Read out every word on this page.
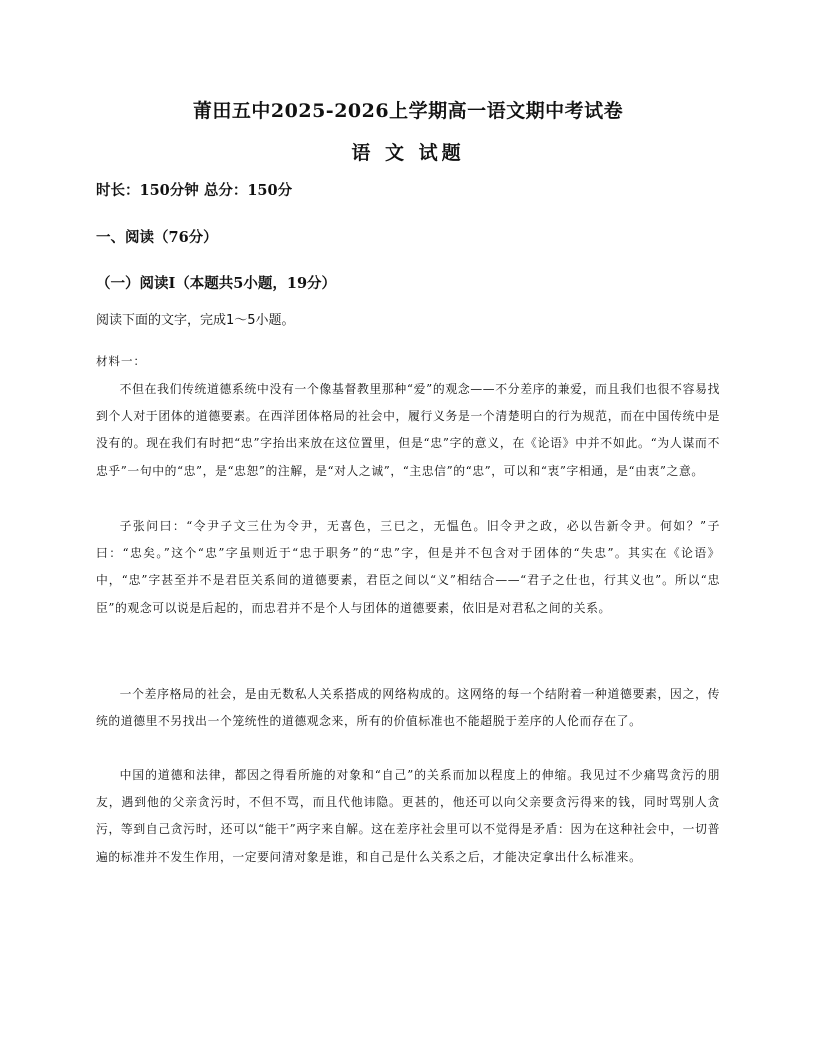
莆田五中2025-2026上学期高一语文期中考试卷
语 文 试题
时长：150分钟 总分：150分
一、阅读（76分）
（一）阅读Ⅰ（本题共5小题，19分）
阅读下面的文字，完成1～5小题。
材料一：

不但在我们传统道德系统中没有一个像基督教里那种“爱”的观念——不分差序的兼爱，而且我们也很不容易找到个人对于团体的道德要素。在西洋团体格局的社会中，履行义务是一个清楚明白的行为规范，而在中国传统中是没有的。现在我们有时把“忠”字抬出来放在这位置里，但是“忠”字的意义，在《论语》中并不如此。“为人谋而不忠乎”一句中的“忠”，是“忠恕”的注解，是“对人之诚”，“主忠信”的“忠”，可以和“衷”字相通，是“由衷”之意。

子张问曰：“令尹子文三仕为令尹，无喜色，三已之，无愠色。旧令尹之政，必以告新令尹。何如？”子曰：“忠矣。”这个“忠”字虽则近于“忠于职务”的“忠”字，但是并不包含对于团体的“失忠”。其实在《论语》中，“忠”字甚至并不是君臣关系间的道德要素，君臣之间以“义”相结合——“君子之仕也，行其义也”。所以“忠臣”的观念可以说是后起的，而忠君并不是个人与团体的道德要素，依旧是对君私之间的关系。

一个差序格局的社会，是由无数私人关系搭成的网络构成的。这网络的每一个结附着一种道德要素，因之，传统的道德里不另找出一个笼统性的道德观念来，所有的价值标准也不能超脱于差序的人伦而存在了。

中国的道德和法律，都因之得看所施的对象和“自己”的关系而加以程度上的伸缩。我见过不少痛骂贪污的朋友，遇到他的父亲贪污时，不但不骂，而且代他讳隐。更甚的，他还可以向父亲要贪污得来的钱，同时骂别人贪污，等到自己贪污时，还可以“能干”两字来自解。这在差序社会里可以不觉得是矛盾：因为在这种社会中，一切普遍的标准并不发生作用，一定要问清对象是谁，和自己是什么关系之后，才能决定拿出什么标准来。
